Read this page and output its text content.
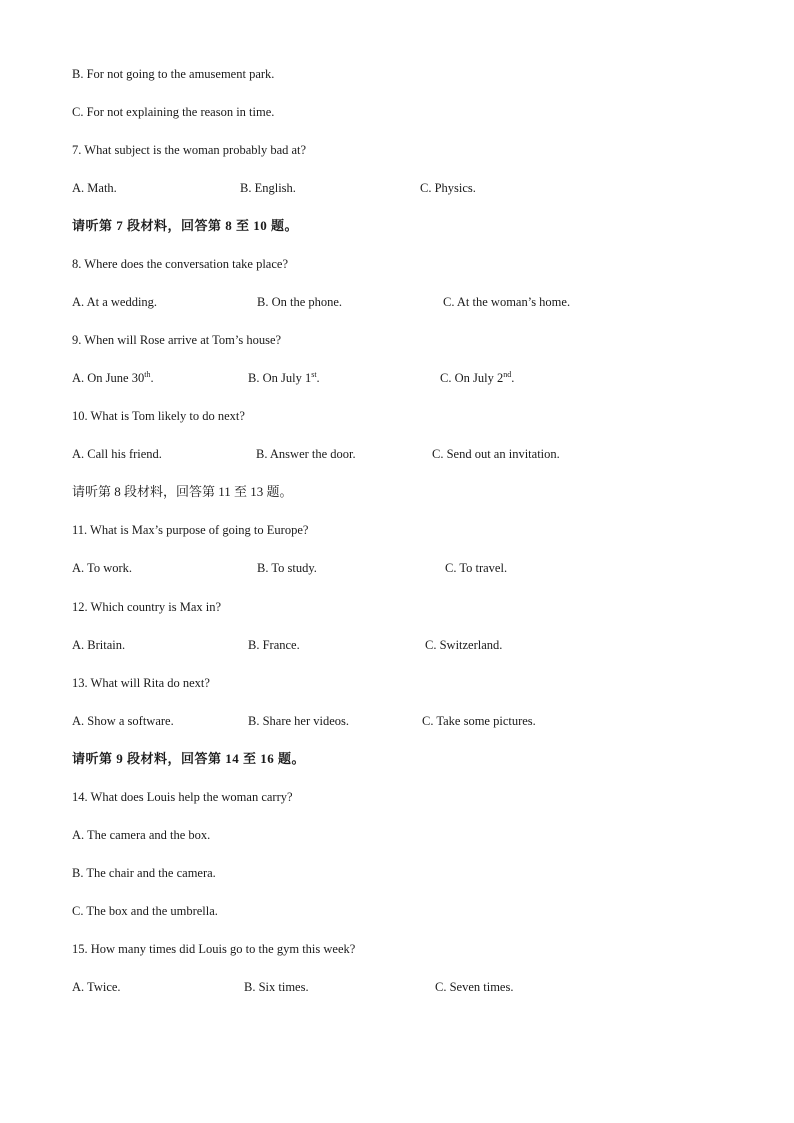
B. For not going to the amusement park.
C. For not explaining the reason in time.
7. What subject is the woman probably bad at?
A. Math.	B. English.	C. Physics.
请听第 7 段材料，回答第 8 至 10 题。
8. Where does the conversation take place?
A. At a wedding.	B. On the phone.	C. At the woman’s home.
9. When will Rose arrive at Tom’s house?
A. On June 30th.	B. On July 1st.	C. On July 2nd.
10. What is Tom likely to do next?
A. Call his friend.	B. Answer the door.	C. Send out an invitation.
请听第 8 段材料，回答第 11 至 13 题。
11. What is Max’s purpose of going to Europe?
A. To work.	B. To study.	C. To travel.
12. Which country is Max in?
A. Britain.	B. France.	C. Switzerland.
13. What will Rita do next?
A. Show a software.	B. Share her videos.	C. Take some pictures.
请听第 9 段材料，回答第 14 至 16 题。
14. What does Louis help the woman carry?
A. The camera and the box.
B. The chair and the camera.
C. The box and the umbrella.
15. How many times did Louis go to the gym this week?
A. Twice.	B. Six times.	C. Seven times.
